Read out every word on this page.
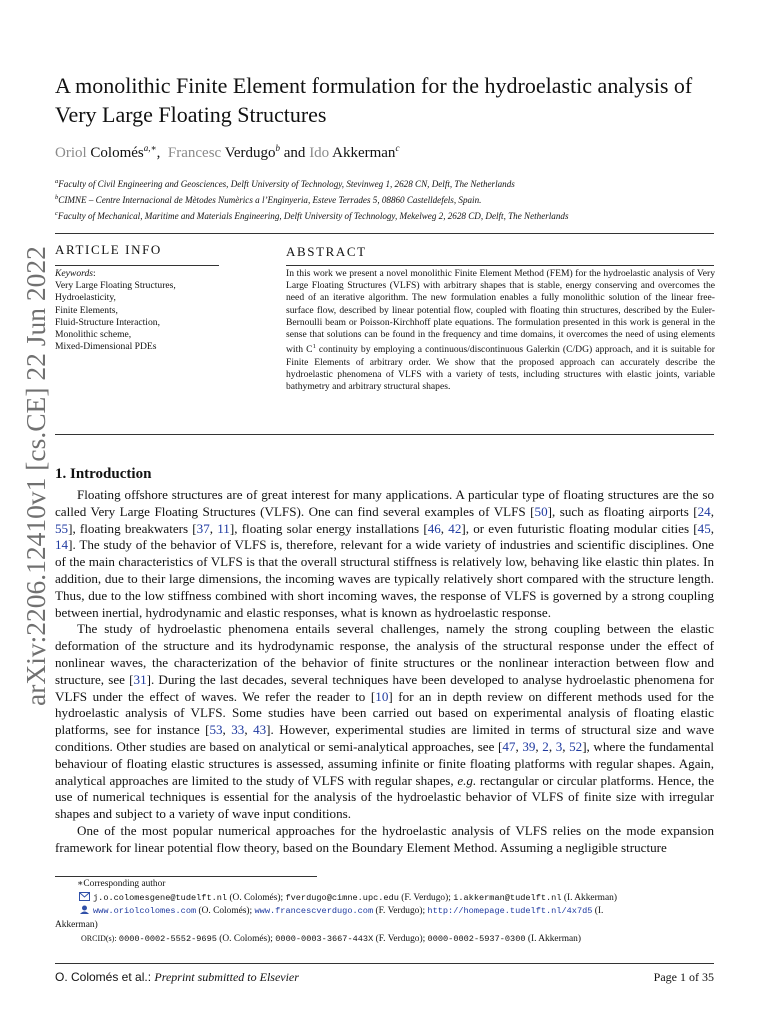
arXiv:2206.12410v1 [cs.CE] 22 Jun 2022
A monolithic Finite Element formulation for the hydroelastic analysis of Very Large Floating Structures
Oriol Colomés$^{a,∗}$, Francesc Verdugo$^b$ and Ido Akkerman$^c$
$^a$Faculty of Civil Engineering and Geosciences, Delft University of Technology, Stevinweg 1, 2628 CN, Delft, The Netherlands
$^b$CIMNE – Centre Internacional de Mètodes Numèrics a l’Enginyeria, Esteve Terrades 5, 08860 Castelldefels, Spain.
$^c$Faculty of Mechanical, Maritime and Materials Engineering, Delft University of Technology, Mekelweg 2, 2628 CD, Delft, The Netherlands
ARTICLE INFO	ABSTRACT
Keywords:
Very Large Floating Structures,
Hydroelasticity,
Finite Elements,
Fluid-Structure Interaction,
Monolithic scheme,
Mixed-Dimensional PDEs
In this work we present a novel monolithic Finite Element Method (FEM) for the hydroelastic analysis of Very Large Floating Structures (VLFS) with arbitrary shapes that is stable, energy conserving and overcomes the need of an iterative algorithm. The new formulation enables a fully monolithic solution of the linear free-surface flow, described by linear potential flow, coupled with floating thin structures, described by the Euler-Bernoulli beam or Poisson-Kirchhoff plate equations. The formulation presented in this work is general in the sense that solutions can be found in the frequency and time domains, it overcomes the need of using elements with $C^1$ continuity by employing a continuous/discontinuous Galerkin (C/DG) approach, and it is suitable for Finite Elements of arbitrary order. We show that the proposed approach can accurately describe the hydroelastic phenomena of VLFS with a variety of tests, including structures with elastic joints, variable bathymetry and arbitrary structural shapes.
1. Introduction

Floating offshore structures are of great interest for many applications. A particular type of floating structures are the so called Very Large Floating Structures (VLFS). One can find several examples of VLFS [50], such as floating airports [24, 55], floating breakwaters [37, 11], floating solar energy installations [46, 42], or even futuristic floating modular cities [45, 14]. The study of the behavior of VLFS is, therefore, relevant for a wide variety of industries and scientific disciplines. One of the main characteristics of VLFS is that the overall structural stiffness is relatively low, behaving like elastic thin plates. In addition, due to their large dimensions, the incoming waves are typically relatively short compared with the structure length. Thus, due to the low stiffness combined with short incoming waves, the response of VLFS is governed by a strong coupling between inertial, hydrodynamic and elastic responses, what is known as hydroelastic response.

The study of hydroelastic phenomena entails several challenges, namely the strong coupling between the elastic deformation of the structure and its hydrodynamic response, the analysis of the structural response under the effect of nonlinear waves, the characterization of the behavior of finite structures or the nonlinear interaction between flow and structure, see [31]. During the last decades, several techniques have been developed to analyse hydroelastic phenomena for VLFS under the effect of waves. We refer the reader to [10] for an in depth review on different methods used for the hydroelastic analysis of VLFS. Some studies have been carried out based on experimental analysis of floating elastic platforms, see for instance [53, 33, 43]. However, experimental studies are limited in terms of structural size and wave conditions. Other studies are based on analytical or semi-analytical approaches, see [47, 39, 2, 3, 52], where the fundamental behaviour of floating elastic structures is assessed, assuming infinite or finite floating platforms with regular shapes. Again, analytical approaches are limited to the study of VLFS with regular shapes, e.g. rectangular or circular platforms. Hence, the use of numerical techniques is essential for the analysis of the hydroelastic behavior of VLFS of finite size with irregular shapes and subject to a variety of wave input conditions.

One of the most popular numerical approaches for the hydroelastic analysis of VLFS relies on the mode expansion framework for linear potential flow theory, based on the Boundary Element Method. Assuming a negligible structure

∗Corresponding author
j.o.colomesgene@tudelft.nl (O. Colomés); fverdugo@cimne.upc.edu (F. Verdugo); i.akkerman@tudelft.nl (I. Akkerman)
www.oriolcolomes.com (O. Colomés); www.francescverdugo.com (F. Verdugo); http://homepage.tudelft.nl/4x7d5 (I.
Akkerman)
ORCID(s): 0000-0002-5552-9695 (O. Colomés); 0000-0003-3667-443X (F. Verdugo); 0000-0002-5937-0300 (I. Akkerman)
O. Colomés et al.: Preprint submitted to Elsevier	Page 1 of 35
